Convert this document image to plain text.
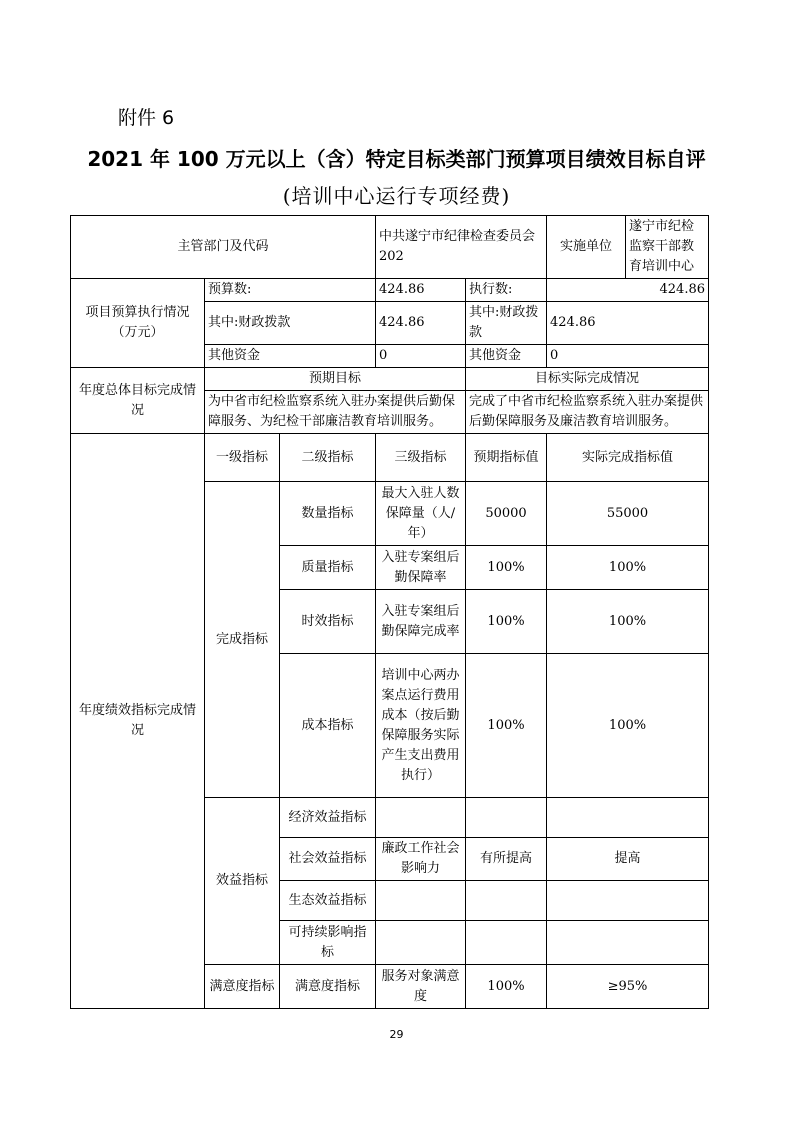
附件 6
2021 年 100 万元以上（含）特定目标类部门预算项目绩效目标自评
(培训中心运行专项经费)
主管部门及代码	中共遂宁市纪律检查委员会202	
实施单位	遂宁市纪检监察干部教育培训中心

项目预算执行情况（万元）	预算数:	424.86	执行数:	424.86
其中:财政拨款	424.86	其中:财政拨款	424.86
其他资金	0	其他资金	0
年度总体目标完成情况	预期目标	目标实际完成情况
为中省市纪检监察系统入驻办案提供后勤保障服务、为纪检干部廉洁教育培训服务。	完成了中省市纪检监察系统入驻办案提供后勤保障服务及廉洁教育培训服务。
年度绩效指标完成情况	一级指标	二级指标	三级指标	预期指标值	实际完成指标值
完成指标	数量指标	最大入驻人数保障量（人/年）	50000	55000
质量指标	入驻专案组后勤保障率	100%	100%
时效指标	入驻专案组后勤保障完成率	100%	100%
成本指标	培训中心两办案点运行费用成本（按后勤保障服务实际产生支出费用执行）	100%	100%
效益指标	经济效益指标			
社会效益指标	廉政工作社会影响力	有所提高	提高
生态效益指标			
可持续影响指标			
满意度指标	满意度指标	服务对象满意度	100%	≥95%
29
